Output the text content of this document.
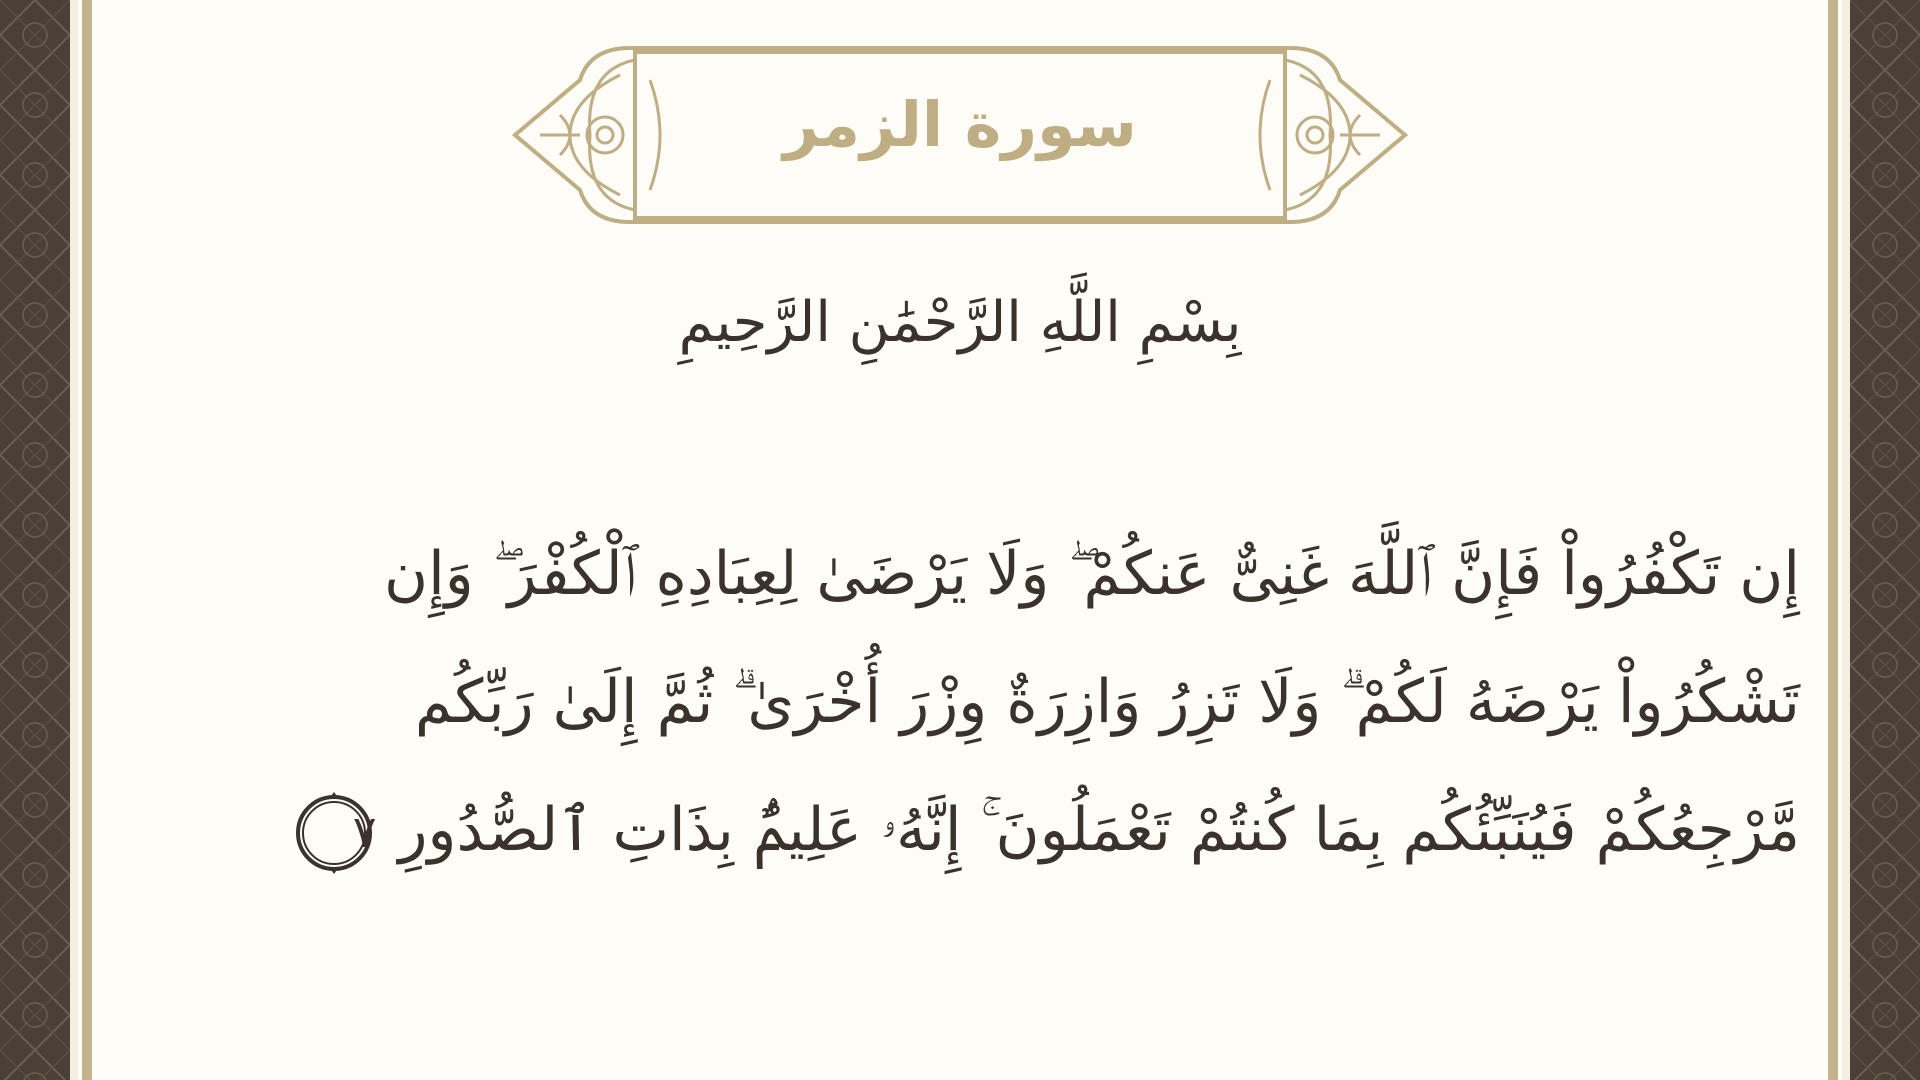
سورة الزمر
بِسْمِ اللَّهِ الرَّحْمَٰنِ الرَّحِيمِ
إِن تَكْفُرُواْ فَإِنَّ ٱللَّهَ غَنِىٌّ عَنكُمْ ۖ وَلَا يَرْضَىٰ لِعِبَادِهِ ٱلْكُفْرَ ۖ وَإِن
تَشْكُرُواْ يَرْضَهُ لَكُمْ ۗ وَلَا تَزِرُ وَازِرَةٌ وِزْرَ أُخْرَىٰ ۗ ثُمَّ إِلَىٰ رَبِّكُم
مَّرْجِعُكُمْ فَيُنَبِّئُكُم بِمَا كُنتُمْ تَعْمَلُونَ ۚ إِنَّهُۥ عَلِيمٌۢ بِذَاتِ ٱلصُّدُورِ
٧
